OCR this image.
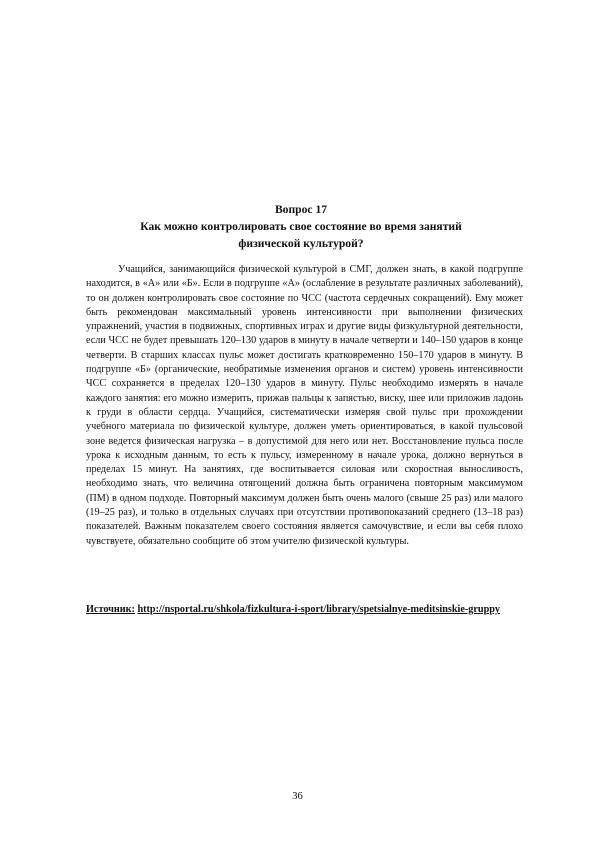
Вопрос 17
Как можно контролировать свое состояние во время занятий
физической культурой?

Учащийся, занимающийся физической культурой в СМГ, должен знать, в какой подгруппе находится, в «А» или «Б». Если в подгруппе «А» (ослабление в результате различных заболеваний), то он должен контролировать свое состояние по ЧСС (частота сердечных сокращений). Ему может быть рекомендован максимальный уровень интенсивности при выполнении физических упражнений, участия в подвижных, спортивных играх и другие виды физкультурной деятельности, если ЧСС не будет превышать 120–130 ударов в минуту в начале четверти и 140–150 ударов в конце четверти. В старших классах пульс может достигать кратковременно 150–170 ударов в минуту. В подгруппе «Б» (органические, необратимые изменения органов и систем) уровень интенсивности ЧСС сохраняется в пределах 120–130 ударов в минуту. Пульс необходимо измерять в начале каждого занятия: его можно измерить, прижав пальцы к запястью, виску, шее или приложив ладонь к груди в области сердца. Учащийся, систематически измеряя свой пульс при прохождении учебного материала по физической культуре, должен уметь ориентироваться, в какой пульсовой зоне ведется физическая нагрузка – в допустимой для него или нет. Восстановление пульса после урока к исходным данным, то есть к пульсу, измеренному в начале урока, должно вернуться в пределах 15 минут. На занятиях, где воспитывается силовая или скоростная выносливость, необходимо знать, что величина отягощений должна быть ограничена повторным максимумом (ПМ) в одном подходе. Повторный максимум должен быть очень малого (свыше 25 раз) или малого (19–25 раз), и только в отдельных случаях при отсутствии противопоказаний среднего (13–18 раз) показателей. Важным показателем своего состояния является самочувствие, и если вы себя плохо чувствуете, обязательно сообщите об этом учителю физической культуры.

Источник: http://nsportal.ru/shkola/fizkultura-i-sport/library/spetsialnye-meditsinskie-gruppy
36
